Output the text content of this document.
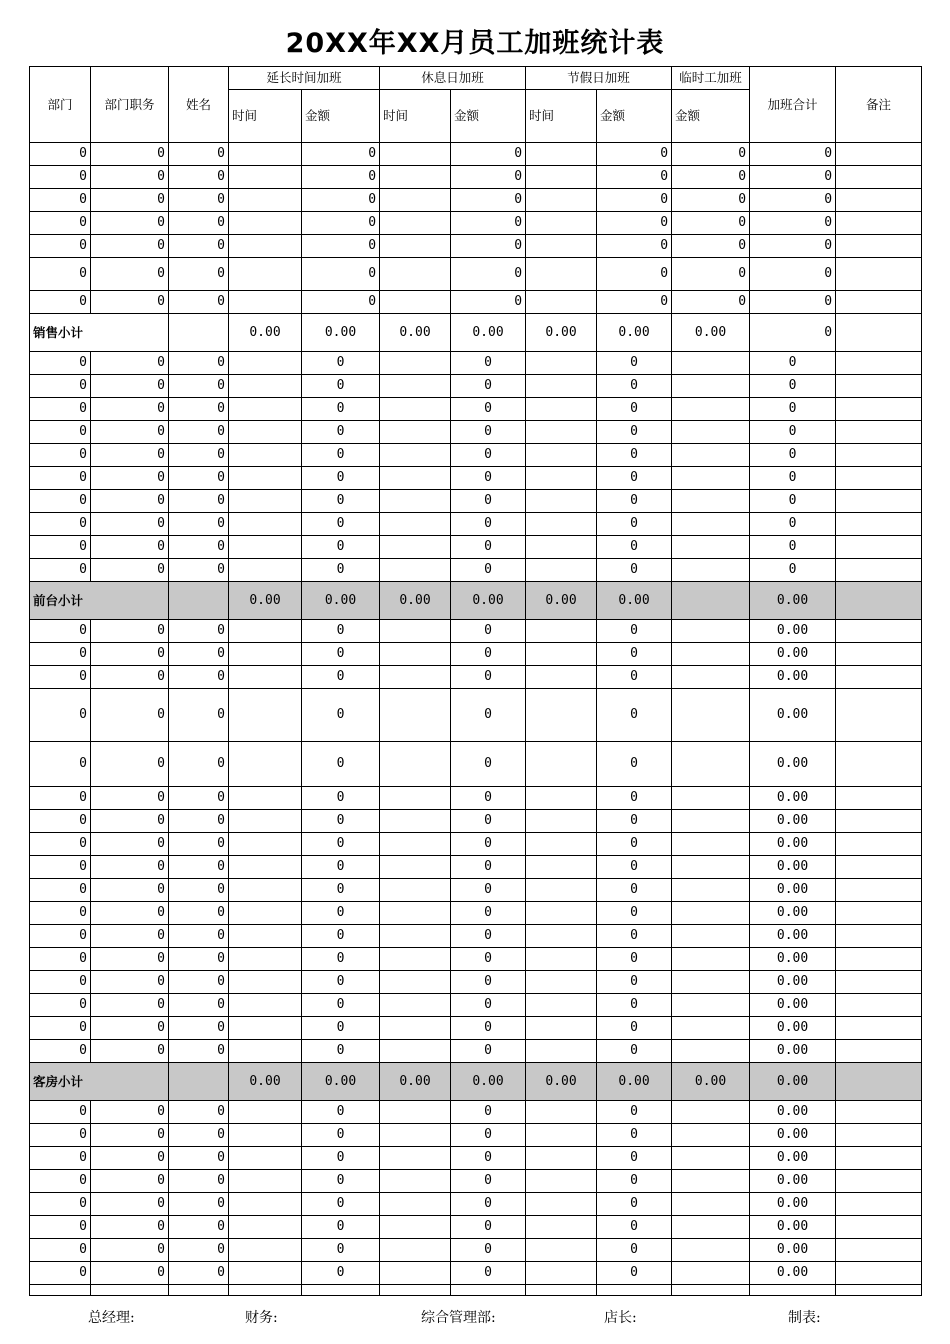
20XX年XX月员工加班统计表
部门	部门职务	姓名	延长时间加班		休息日加班		节假日加班		临时工加班	加班合计	备注
			时间	金额	时间	金额	时间	金额	金额		
0	0	0		0		0		0	0	0	
0	0	0		0		0		0	0	0	
0	0	0		0		0		0	0	0	
0	0	0		0		0		0	0	0	
0	0	0		0		0		0	0	0	
0	0	0		0		0		0	0	0	
0	0	0		0		0		0	0	0	
销售小计			0.00	0.00	0.00	0.00	0.00	0.00	0.00	0	
0	0	0		0		0		0		0	
0	0	0		0		0		0		0	
0	0	0		0		0		0		0	
0	0	0		0		0		0		0	
0	0	0		0		0		0		0	
0	0	0		0		0		0		0	
0	0	0		0		0		0		0	
0	0	0		0		0		0		0	
0	0	0		0		0		0		0	
0	0	0		0		0		0		0	
前台小计			0.00	0.00	0.00	0.00	0.00	0.00		0.00	
0	0	0		0		0		0		0.00	
0	0	0		0		0		0		0.00	
0	0	0		0		0		0		0.00	
0	0	0		0		0		0		0.00	
0	0	0		0		0		0		0.00	
0	0	0		0		0		0		0.00	
0	0	0		0		0		0		0.00	
0	0	0		0		0		0		0.00	
0	0	0		0		0		0		0.00	
0	0	0		0		0		0		0.00	
0	0	0		0		0		0		0.00	
0	0	0		0		0		0		0.00	
0	0	0		0		0		0		0.00	
0	0	0		0		0		0		0.00	
0	0	0		0		0		0		0.00	
0	0	0		0		0		0		0.00	
0	0	0		0		0		0		0.00	
客房小计			0.00	0.00	0.00	0.00	0.00	0.00	0.00	0.00	
0	0	0		0		0		0		0.00	
0	0	0		0		0		0		0.00	
0	0	0		0		0		0		0.00	
0	0	0		0		0		0		0.00	
0	0	0		0		0		0		0.00	
0	0	0		0		0		0		0.00	
0	0	0		0		0		0		0.00	
0	0	0		0		0		0		0.00	

总经理:	财务:	综合管理部:	店长:	制表:
